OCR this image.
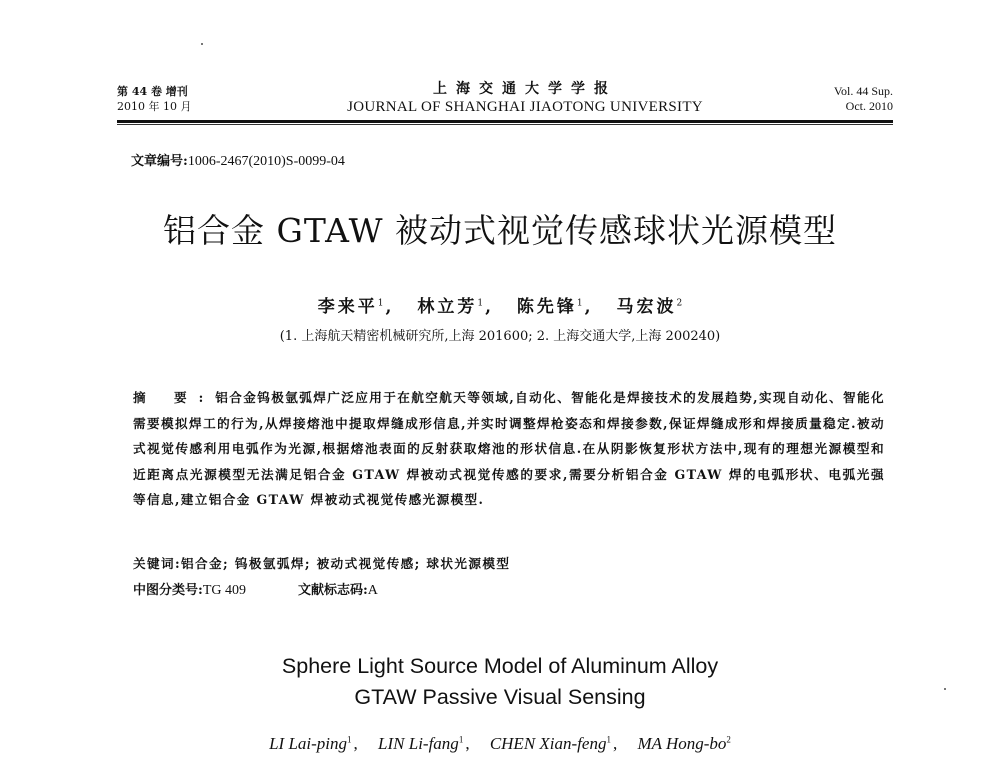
第 44 卷 增刊
2010 年 10 月
上海交通大学学报
JOURNAL OF SHANGHAI JIAOTONG UNIVERSITY
Vol. 44 Sup.
Oct. 2010
文章编号:1006-2467(2010)S-0099-04
铝合金 GTAW 被动式视觉传感球状光源模型
李来平$^1$ , 林立芳$^1$ , 陈先锋$^1$ , 马宏波$^2$
(1. 上海航天精密机械研究所,上海 201600; 2. 上海交通大学,上海 200240)
摘 要:铝合金钨极氩弧焊广泛应用于在航空航天等领域,自动化、智能化是焊接技术的发展趋势,实现自动化、智能化需要模拟焊工的行为,从焊接熔池中提取焊缝成形信息,并实时调整焊枪姿态和焊接参数,保证焊缝成形和焊接质量稳定.被动式视觉传感利用电弧作为光源,根据熔池表面的反射获取熔池的形状信息.在从阴影恢复形状方法中,现有的理想光源模型和近距离点光源模型无法满足铝合金 GTAW 焊被动式视觉传感的要求,需要分析铝合金 GTAW 焊的电弧形状、电弧光强等信息,建立铝合金 GTAW 焊被动式视觉传感光源模型.
关键词:铝合金; 钨极氩弧焊; 被动式视觉传感; 球状光源模型
中图分类号:TG 409	文献标志码:A
Sphere Light Source Model of Aluminum Alloy
GTAW Passive Visual Sensing
LI Lai-ping$^1$ , LIN Li-fang$^1$ , CHEN Xian-feng$^1$ , MA Hong-$bo^2$
